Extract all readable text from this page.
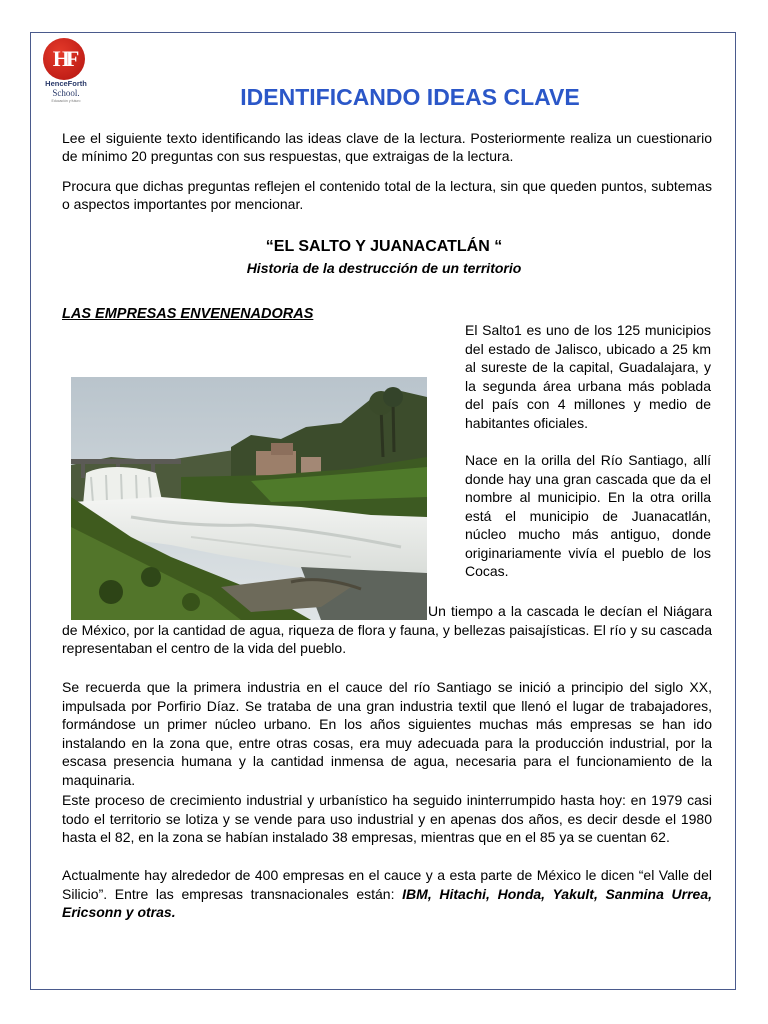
HF
HenceForth
School.
Educación y futuro	IDENTIFICANDO IDEAS CLAVE

Lee el siguiente texto identificando las ideas clave de la lectura. Posteriormente realiza un cuestionario de mínimo 20 preguntas con sus respuestas, que extraigas de la lectura.

Procura que dichas preguntas reflejen el contenido total de la lectura, sin que queden puntos, subtemas o aspectos importantes por mencionar.

“EL SALTO Y JUANACATLÁN “
Historia de la destrucción de un territorio
LAS EMPRESAS ENVENENADORAS

El Salto1 es uno de los 125 municipios del estado de Jalisco, ubicado a 25 km al sureste de la capital, Guadalajara, y la segunda área urbana más poblada del país con 4 millones y medio de habitantes oficiales.

Nace en la orilla del Río Santiago, allí donde hay una gran cascada que da el nombre al municipio. En la otra orilla está el municipio de Juanacatlán, núcleo mucho más antiguo, donde originariamente vivía el pueblo de los Cocas.

Un tiempo a la cascada le decían el Niágara de México, por la cantidad de agua, riqueza de flora y fauna, y bellezas paisajísticas. El río y su cascada representaban el centro de la vida del pueblo.

Se recuerda que la primera industria en el cauce del río Santiago se inició a principio del siglo XX, impulsada por Porfirio Díaz. Se trataba de una gran industria textil que llenó el lugar de trabajadores, formándose un primer núcleo urbano. En los años siguientes muchas más empresas se han ido instalando en la zona que, entre otras cosas, era muy adecuada para la producción industrial, por la escasa presencia humana y la cantidad inmensa de agua, necesaria para el funcionamiento de la maquinaria.

Este proceso de crecimiento industrial y urbanístico ha seguido ininterrumpido hasta hoy: en 1979 casi todo el territorio se lotiza y se vende para uso industrial y en apenas dos años, es decir desde el 1980 hasta el 82, en la zona se habían instalado 38 empresas, mientras que en el 85 ya se cuentan 62.

Actualmente hay alrededor de 400 empresas en el cauce y a esta parte de México le dicen “el Valle del Silicio”. Entre las empresas transnacionales están: IBM, Hitachi, Honda, Yakult, Sanmina Urrea, Ericsonn y otras.
